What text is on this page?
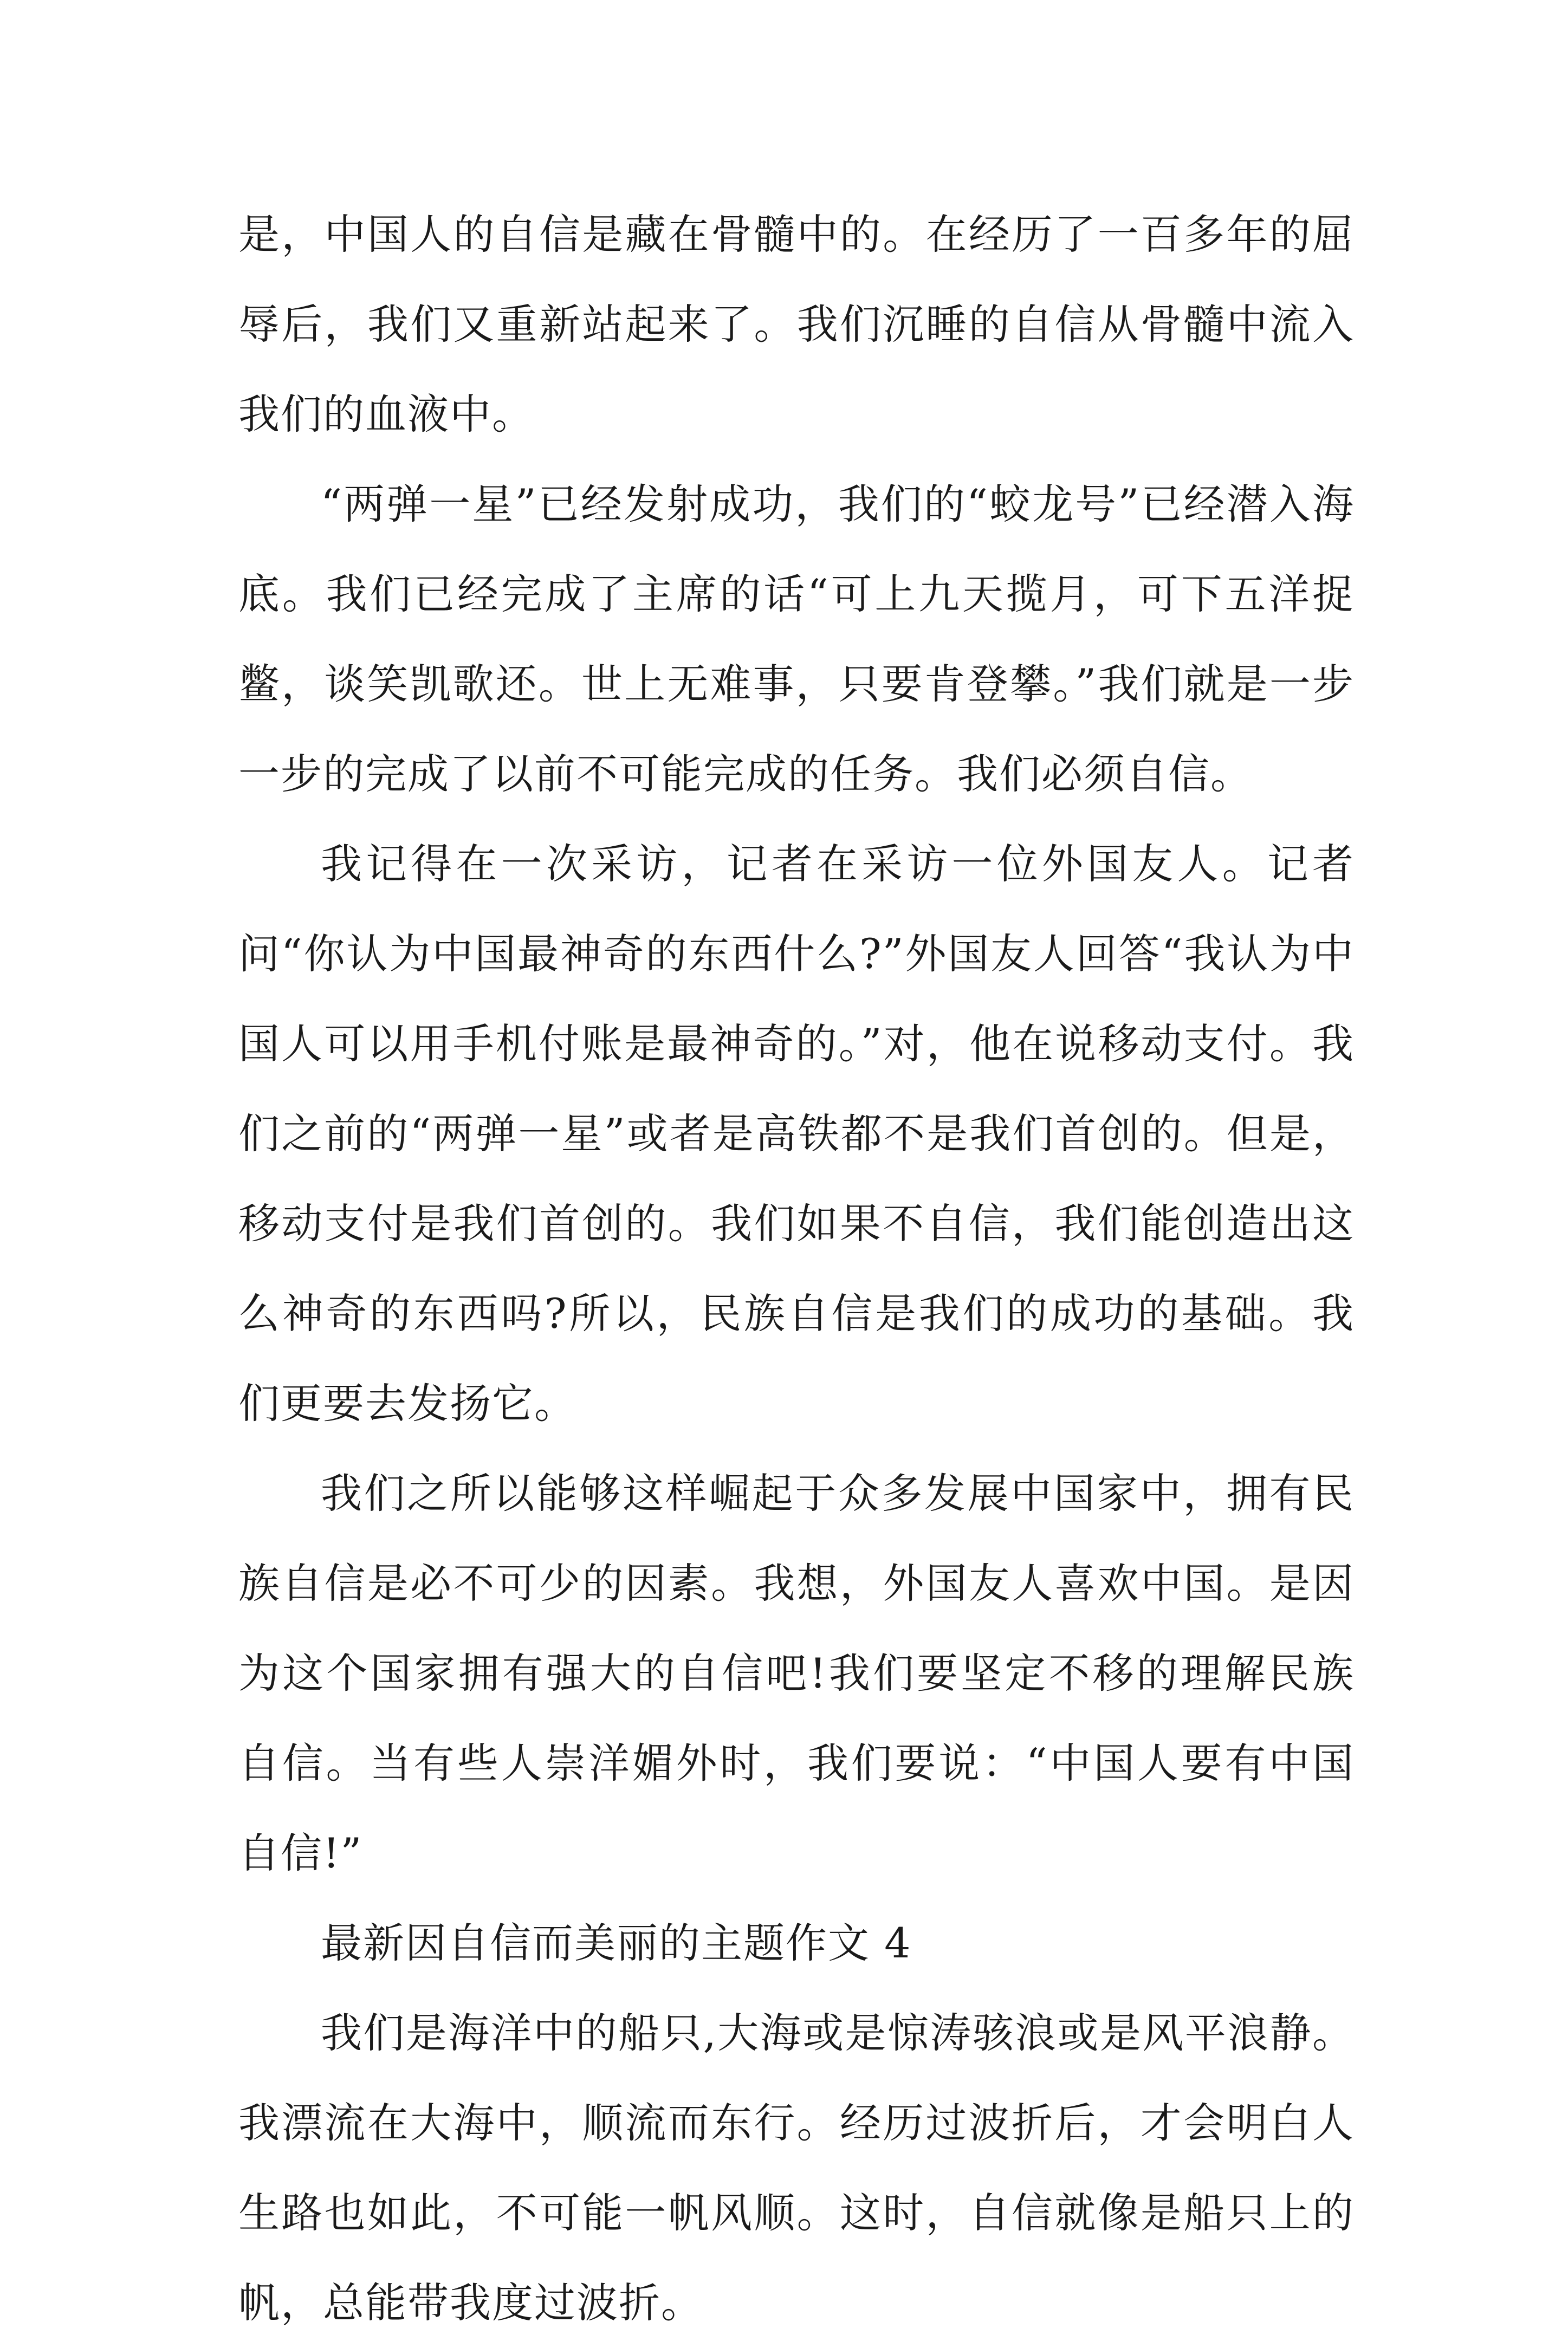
是，中国人的自信是藏在骨髓中的。在经历了一百多年的屈辱后，我们又重新站起来了。我们沉睡的自信从骨髓中流入我们的血液中。

“两弹一星”已经发射成功，我们的“蛟龙号”已经潜入海底。我们已经完成了主席的话“可上九天揽月，可下五洋捉鳖，谈笑凯歌还。世上无难事，只要肯登攀。”我们就是一步一步的完成了以前不可能完成的任务。我们必须自信。

我记得在一次采访，记者在采访一位外国友人。记者问“你认为中国最神奇的东西什么?”外国友人回答“我认为中国人可以用手机付账是最神奇的。”对，他在说移动支付。我们之前的“两弹一星”或者是高铁都不是我们首创的。但是，移动支付是我们首创的。我们如果不自信，我们能创造出这么神奇的东西吗?所以，民族自信是我们的成功的基础。我们更要去发扬它。

我们之所以能够这样崛起于众多发展中国家中，拥有民族自信是必不可少的因素。我想，外国友人喜欢中国。是因为这个国家拥有强大的自信吧!我们要坚定不移的理解民族自信。当有些人崇洋媚外时，我们要说：“中国人要有中国自信!”

最新因自信而美丽的主题作文 4

我们是海洋中的船只,大海或是惊涛骇浪或是风平浪静。我漂流在大海中，顺流而东行。经历过波折后，才会明白人生路也如此，不可能一帆风顺。这时，自信就像是船只上的帆，总能带我度过波折。
